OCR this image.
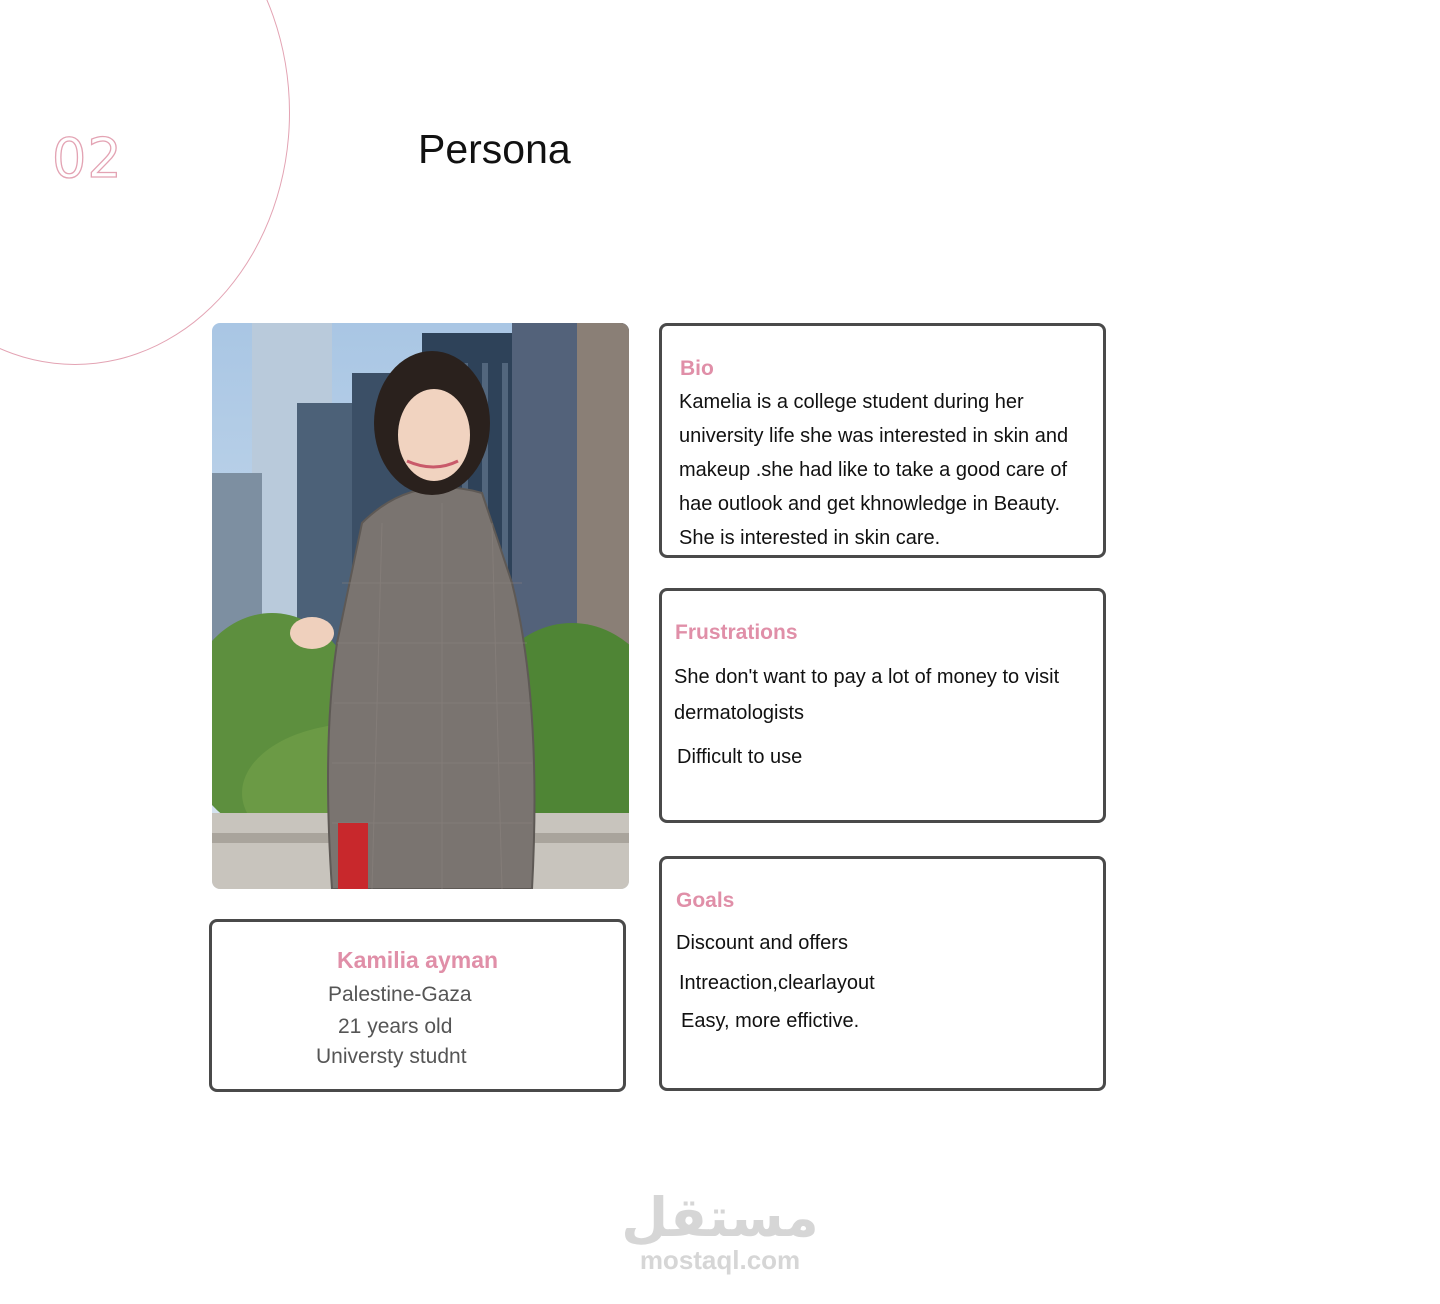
02	Persona
Kamilia ayman
Palestine-Gaza
21 years old
Universty studnt
Bio
Kamelia is a college student during her
university life she was interested in skin and
makeup .she had like to take a good care of
hae outlook and get khnowledge in Beauty.
She is interested in skin care.
Frustrations
She don't want to pay a lot of money to visit
dermatologists
Difficult to use
Goals
Discount and offers
Intreaction,clearlayout
Easy, more effictive.
مستقل
mostaql.com
